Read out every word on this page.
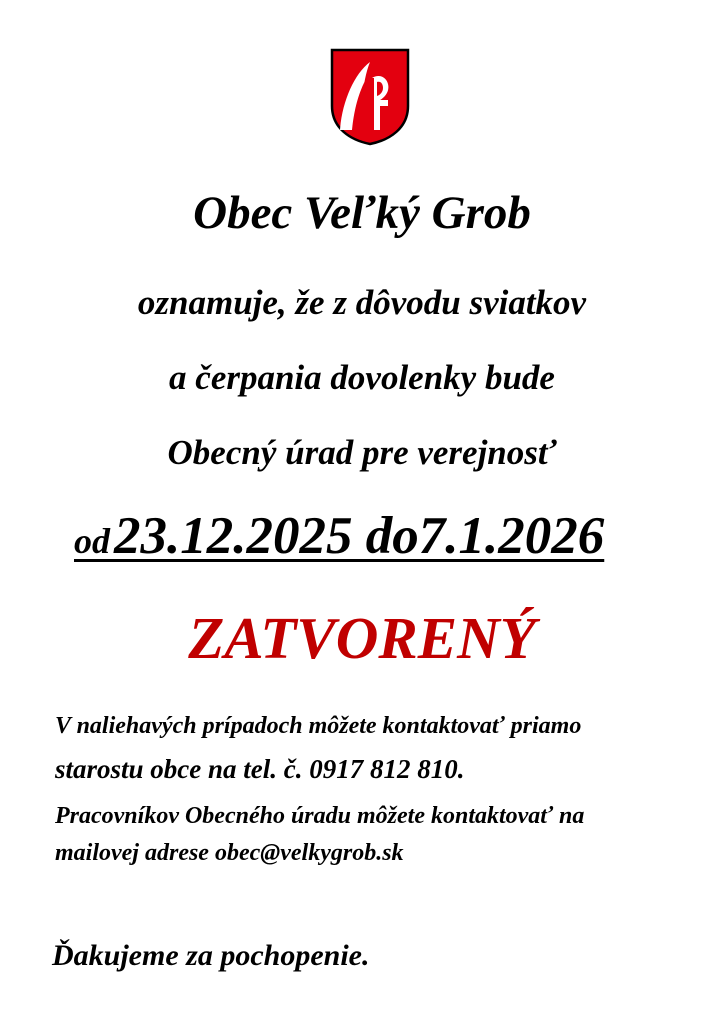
Obec Veľký Grob
oznamuje, že z dôvodu sviatkov
a čerpania dovolenky bude
Obecný úrad pre verejnosť
od 23.12.2025 do7.1.2026
ZATVORENÝ
V naliehavých prípadoch môžete kontaktovať priamo
starostu obce na tel. č. 0917 812 810.
Pracovníkov Obecného úradu môžete kontaktovať na
mailovej adrese obec@velkygrob.sk
Ďakujeme za pochopenie.
